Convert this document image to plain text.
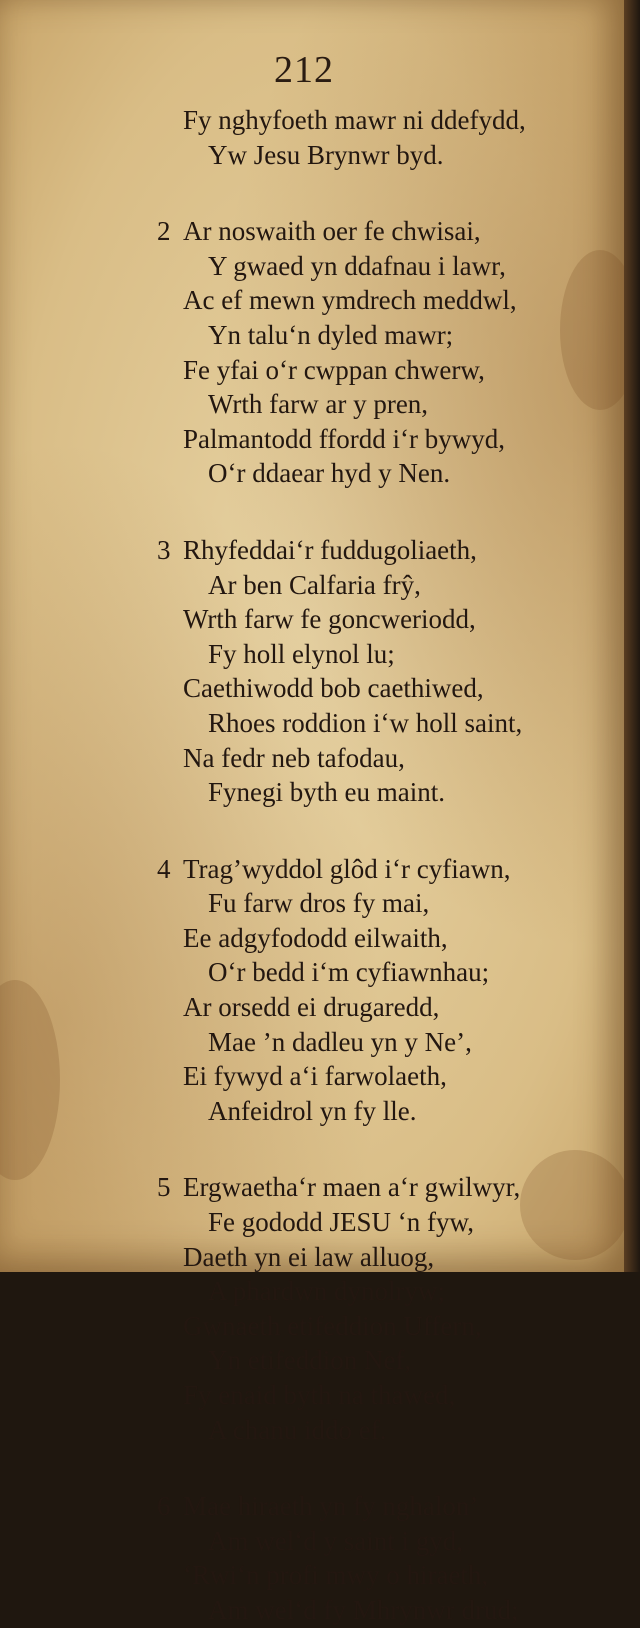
212
Fy nghyfoeth mawr ni ddefydd,
Yw Jesu Brynwr byd.
2 Ar noswaith oer fe chwisai,
Y gwaed yn ddafnau i lawr,
Ac ef mewn ymdrech meddwl,
Yn talu‘n dyled mawr;
Fe yfai o‘r cwppan chwerw,
Wrth farw ar y pren,
Palmantodd ffordd i‘r bywyd,
O‘r ddaear hyd y Nen.
3 Rhyfeddai‘r fuddugoliaeth,
Ar ben Calfaria frŷ,
Wrth farw fe goncweriodd,
Fy holl elynol lu;
Caethiwodd bob caethiwed,
Rhoes roddion i‘w holl saint,
Na fedr neb tafodau,
Fynegi byth eu maint.
4 Trag’wyddol glôd i‘r cyfiawn,
Fu farw dros fy mai,
Ee adgyfododd eilwaith,
O‘r bedd i‘m cyfiawnhau;
Ar orsedd ei drugaredd,
Mae ’n dadleu yn y Ne’,
Ei fywyd a‘i farwolaeth,
Anfeidrol yn fy lle.
5 Ergwaetha‘r maen a‘r gwilwyr,
Fe gododd JESU ‘n fyw,
Daeth yn ei law alluog,
A phardwn dynolryw;
Gwnaeth etifeddion Uffern,
Yn etifeddion Nef,
Fy enaid byth na thawed,
A chanu iddo ef.
6 Mae hiraeth yn fy nghalon’
Am wel‘d y saint i gyd,
‘Rwi‘n profi mwy o hiraeth,
Am wel‘d fy Mhrynwr drud;
